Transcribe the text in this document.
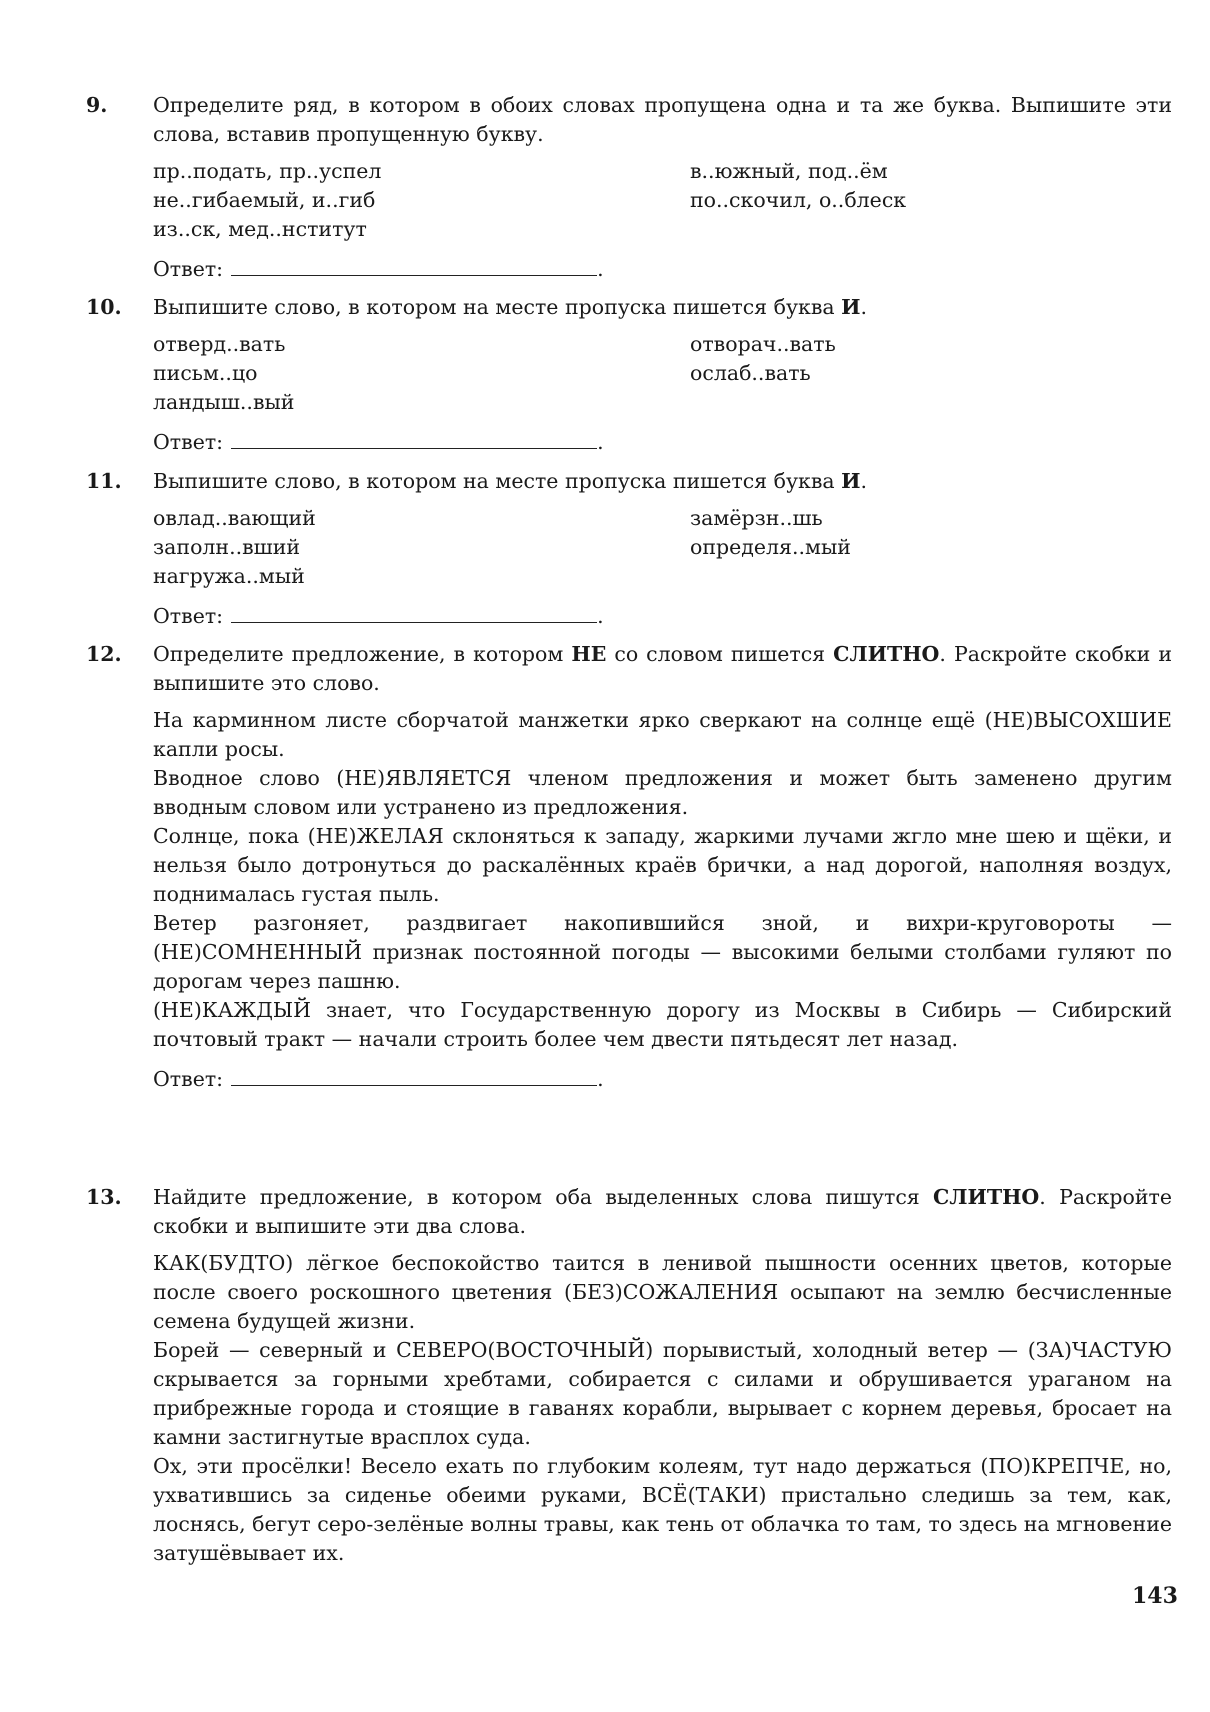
9. Определите ряд, в котором в обоих словах пропущена одна и та же буква. Выпишите эти слова, вставив пропущенную букву.

пр..подать, пр..успел
не..гибаемый, и..гиб
из..ск, мед..нститут
в..южный, под..ём
по..скочил, о..блеск
Ответ:	.
10. Выпишите слово, в котором на месте пропуска пишется буква И.

отверд..вать
письм..цо
ландыш..вый
отворач..вать
ослаб..вать
Ответ:	.
11. Выпишите слово, в котором на месте пропуска пишется буква И.

овлад..вающий
заполн..вший
нагружа..мый
замёрзн..шь
определя..мый
Ответ:	.
12. Определите предложение, в котором НЕ со словом пишется СЛИТНО. Раскройте скобки и выпишите это слово.

На карминном листе сборчатой манжетки ярко сверкают на солнце ещё (НЕ)ВЫСОХШИЕ капли росы.

Вводное слово (НЕ)ЯВЛЯЕТСЯ членом предложения и может быть заменено другим вводным словом или устранено из предложения.

Солнце, пока (НЕ)ЖЕЛАЯ склоняться к западу, жаркими лучами жгло мне шею и щёки, и нельзя было дотронуться до раскалённых краёв брички, а над дорогой, наполняя воздух, поднималась густая пыль.

Ветер разгоняет, раздвигает накопившийся зной, и вихри-круговороты — (НЕ)СОМНЕННЫЙ признак постоянной погоды — высокими белыми столбами гуляют по дорогам через пашню.

(НЕ)КАЖДЫЙ знает, что Государственную дорогу из Москвы в Сибирь — Сибирский почтовый тракт — начали строить более чем двести пятьдесят лет назад.

Ответ:	.
13. Найдите предложение, в котором оба выделенных слова пишутся СЛИТНО. Раскройте скобки и выпишите эти два слова.

КАК(БУДТО) лёгкое беспокойство таится в ленивой пышности осенних цветов, которые после своего роскошного цветения (БЕЗ)СОЖАЛЕНИЯ осыпают на землю бесчисленные семена будущей жизни.

Борей — северный и СЕВЕРО(ВОСТОЧНЫЙ) порывистый, холодный ветер — (ЗА)ЧАСТУЮ скрывается за горными хребтами, собирается с силами и обрушивается ураганом на прибрежные города и стоящие в гаванях корабли, вырывает с корнем деревья, бросает на камни застигнутые врасплох суда.

Ох, эти просёлки! Весело ехать по глубоким колеям, тут надо держаться (ПО)КРЕПЧЕ, но, ухватившись за сиденье обеими руками, ВСЁ(ТАКИ) пристально следишь за тем, как, лоснясь, бегут серо-зелёные волны травы, как тень от облачка то там, то здесь на мгновение затушёвывает их.

143
